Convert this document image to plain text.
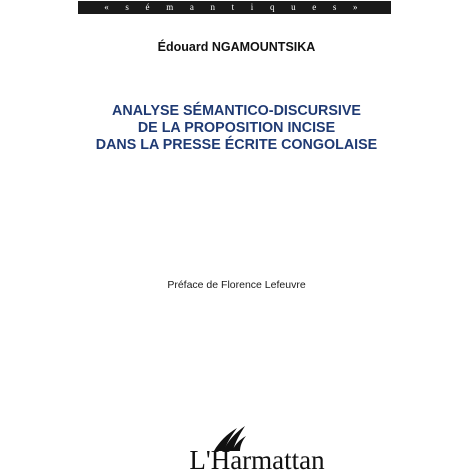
« s é m a n t i q u e s »
Édouard NGAMOUNTSIKA
ANALYSE SÉMANTICO-DISCURSIVE
DE LA PROPOSITION INCISE
DANS LA PRESSE ÉCRITE CONGOLAISE
Préface de Florence Lefeuvre
L'Harmattan
